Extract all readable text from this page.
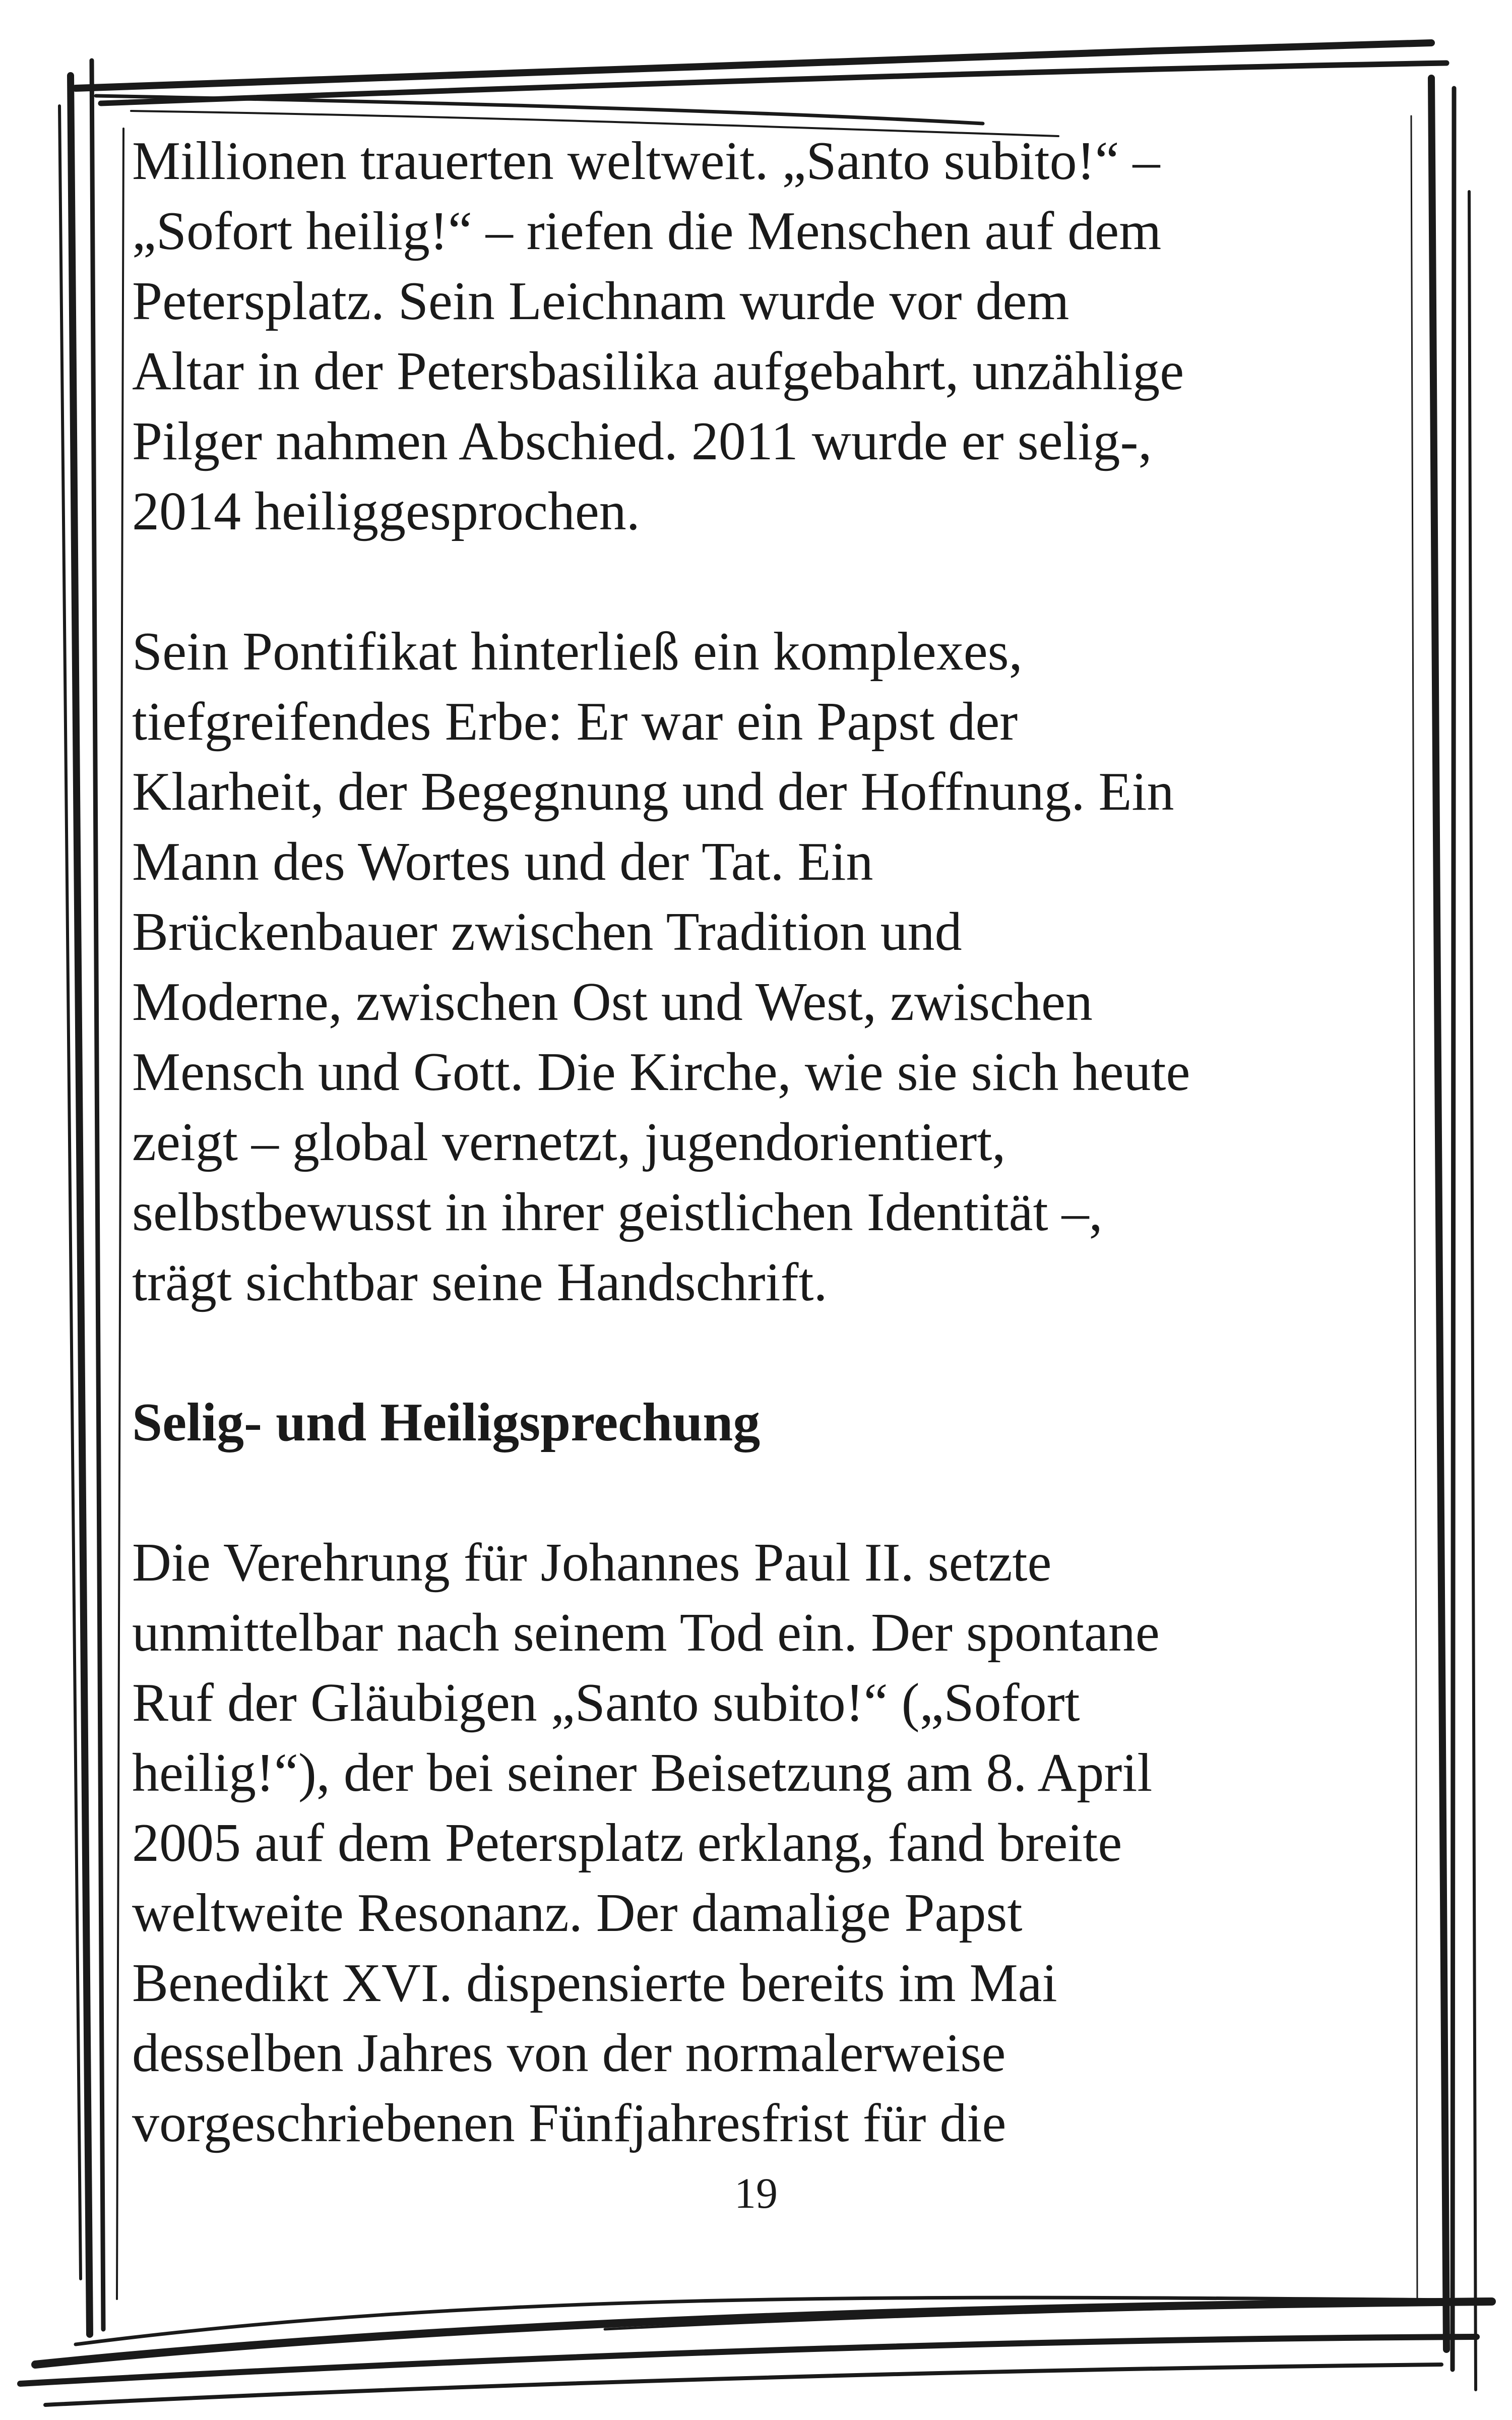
Millionen trauerten weltweit. „Santo subito!“ –
„Sofort heilig!“ – riefen die Menschen auf dem
Petersplatz. Sein Leichnam wurde vor dem
Altar in der Petersbasilika aufgebahrt, unzählige
Pilger nahmen Abschied. 2011 wurde er selig-,
2014 heiliggesprochen.

Sein Pontifikat hinterließ ein komplexes,
tiefgreifendes Erbe: Er war ein Papst der
Klarheit, der Begegnung und der Hoffnung. Ein
Mann des Wortes und der Tat. Ein
Brückenbauer zwischen Tradition und
Moderne, zwischen Ost und West, zwischen
Mensch und Gott. Die Kirche, wie sie sich heute
zeigt – global vernetzt, jugendorientiert,
selbstbewusst in ihrer geistlichen Identität –,
trägt sichtbar seine Handschrift.

Selig- und Heiligsprechung

Die Verehrung für Johannes Paul II. setzte
unmittelbar nach seinem Tod ein. Der spontane
Ruf der Gläubigen „Santo subito!“ („Sofort
heilig!“), der bei seiner Beisetzung am 8. April
2005 auf dem Petersplatz erklang, fand breite
weltweite Resonanz. Der damalige Papst
Benedikt XVI. dispensierte bereits im Mai
desselben Jahres von der normalerweise
vorgeschriebenen Fünfjahresfrist für die

19
